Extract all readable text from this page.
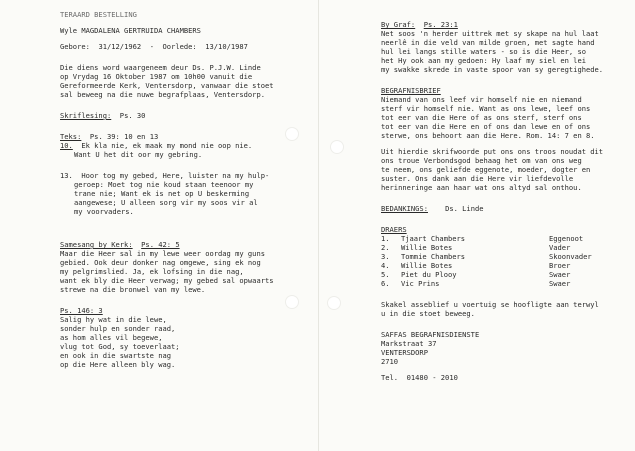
TERAARD BESTELLING
Wyle MAGDALENA GERTRUIDA CHAMBERS
Gebore: 31/12/1962  -  Oorlede: 13/10/1987
Die diens word waargeneem deur Ds. P.J.W. Linde
op Vrydag 16 Oktober 1987 om 10h00 vanuit die
Gereformeerde Kerk, Ventersdorp, vanwaar die stoet
sal beweeg na die nuwe begrafplaas, Ventersdorp.
Skriflesing: Ps. 30
Teks: Ps. 39: 10 en 13
10. Ek kla nie, ek maak my mond nie oop nie.
Want U het dit oor my gebring.
13. Hoor tog my gebed, Here, luister na my hulp-
geroep: Moet tog nie koud staan teenoor my
trane nie; Want ek is net op U beskerming
aangewese; U alleen sorg vir my soos vir al
my voorvaders.
Samesang by Kerk: Ps. 42: 5
Maar die Heer sal in my lewe weer oordag my guns
gebied. Ook deur donker nag omgewe, sing ek nog
my pelgrimslied. Ja, ek lofsing in die nag,
want ek bly die Heer verwag; my gebed sal opwaarts
strewe na die bronwel van my lewe.
Ps. 146: 3
Salig hy wat in die lewe,
sonder hulp en sonder raad,
as hom alles vil begewe,
vlug tot God, sy toeverlaat;
en ook in die swartste nag
op die Here alleen bly wag.
By Graf: Ps. 23:1
Net soos 'n herder uittrek met sy skape na hul laat
neerlê in die veld van milde groen, met sagte hand
hul lei langs stille waters - so is die Heer, so
het Hy ook aan my gedoen: Hy laaf my siel en lei
my swakke skrede in vaste spoor van sy geregtighede.
BEGRAFNISBRIEF
Niemand van ons leef vir homself nie en niemand
sterf vir homself nie. Want as ons lewe, leef ons
tot eer van die Here of as ons sterf, sterf ons
tot eer van die Here en of ons dan lewe en of ons
sterwe, ons behoort aan die Here. Rom. 14: 7 en 8.
Uit hierdie skrifwoorde put ons ons troos noudat dit
ons troue Verbondsgod behaag het om van ons weg
te neem, ons geliefde eggenote, moeder, dogter en
suster. Ons dank aan die Here vir liefdevolle
herinneringe aan haar wat ons altyd sal onthou.
BEDANKINGS: Ds. Linde
DRAERS
1.	Tjaart Chambers	Eggenoot
2.	Willie Botes	Vader
3.	Tommie Chambers	Skoonvader
4.	Willie Botes	Broer
5.	Piet du Plooy	Swaer
6.	Vic Prins	Swaer
Skakel asseblief u voertuig se hoofligte aan terwyl
u in die stoet beweeg.
SAFFAS BEGRAFNISDIENSTE
Markstraat 37
VENTERSDORP
2710
Tel.  01480 - 2010
